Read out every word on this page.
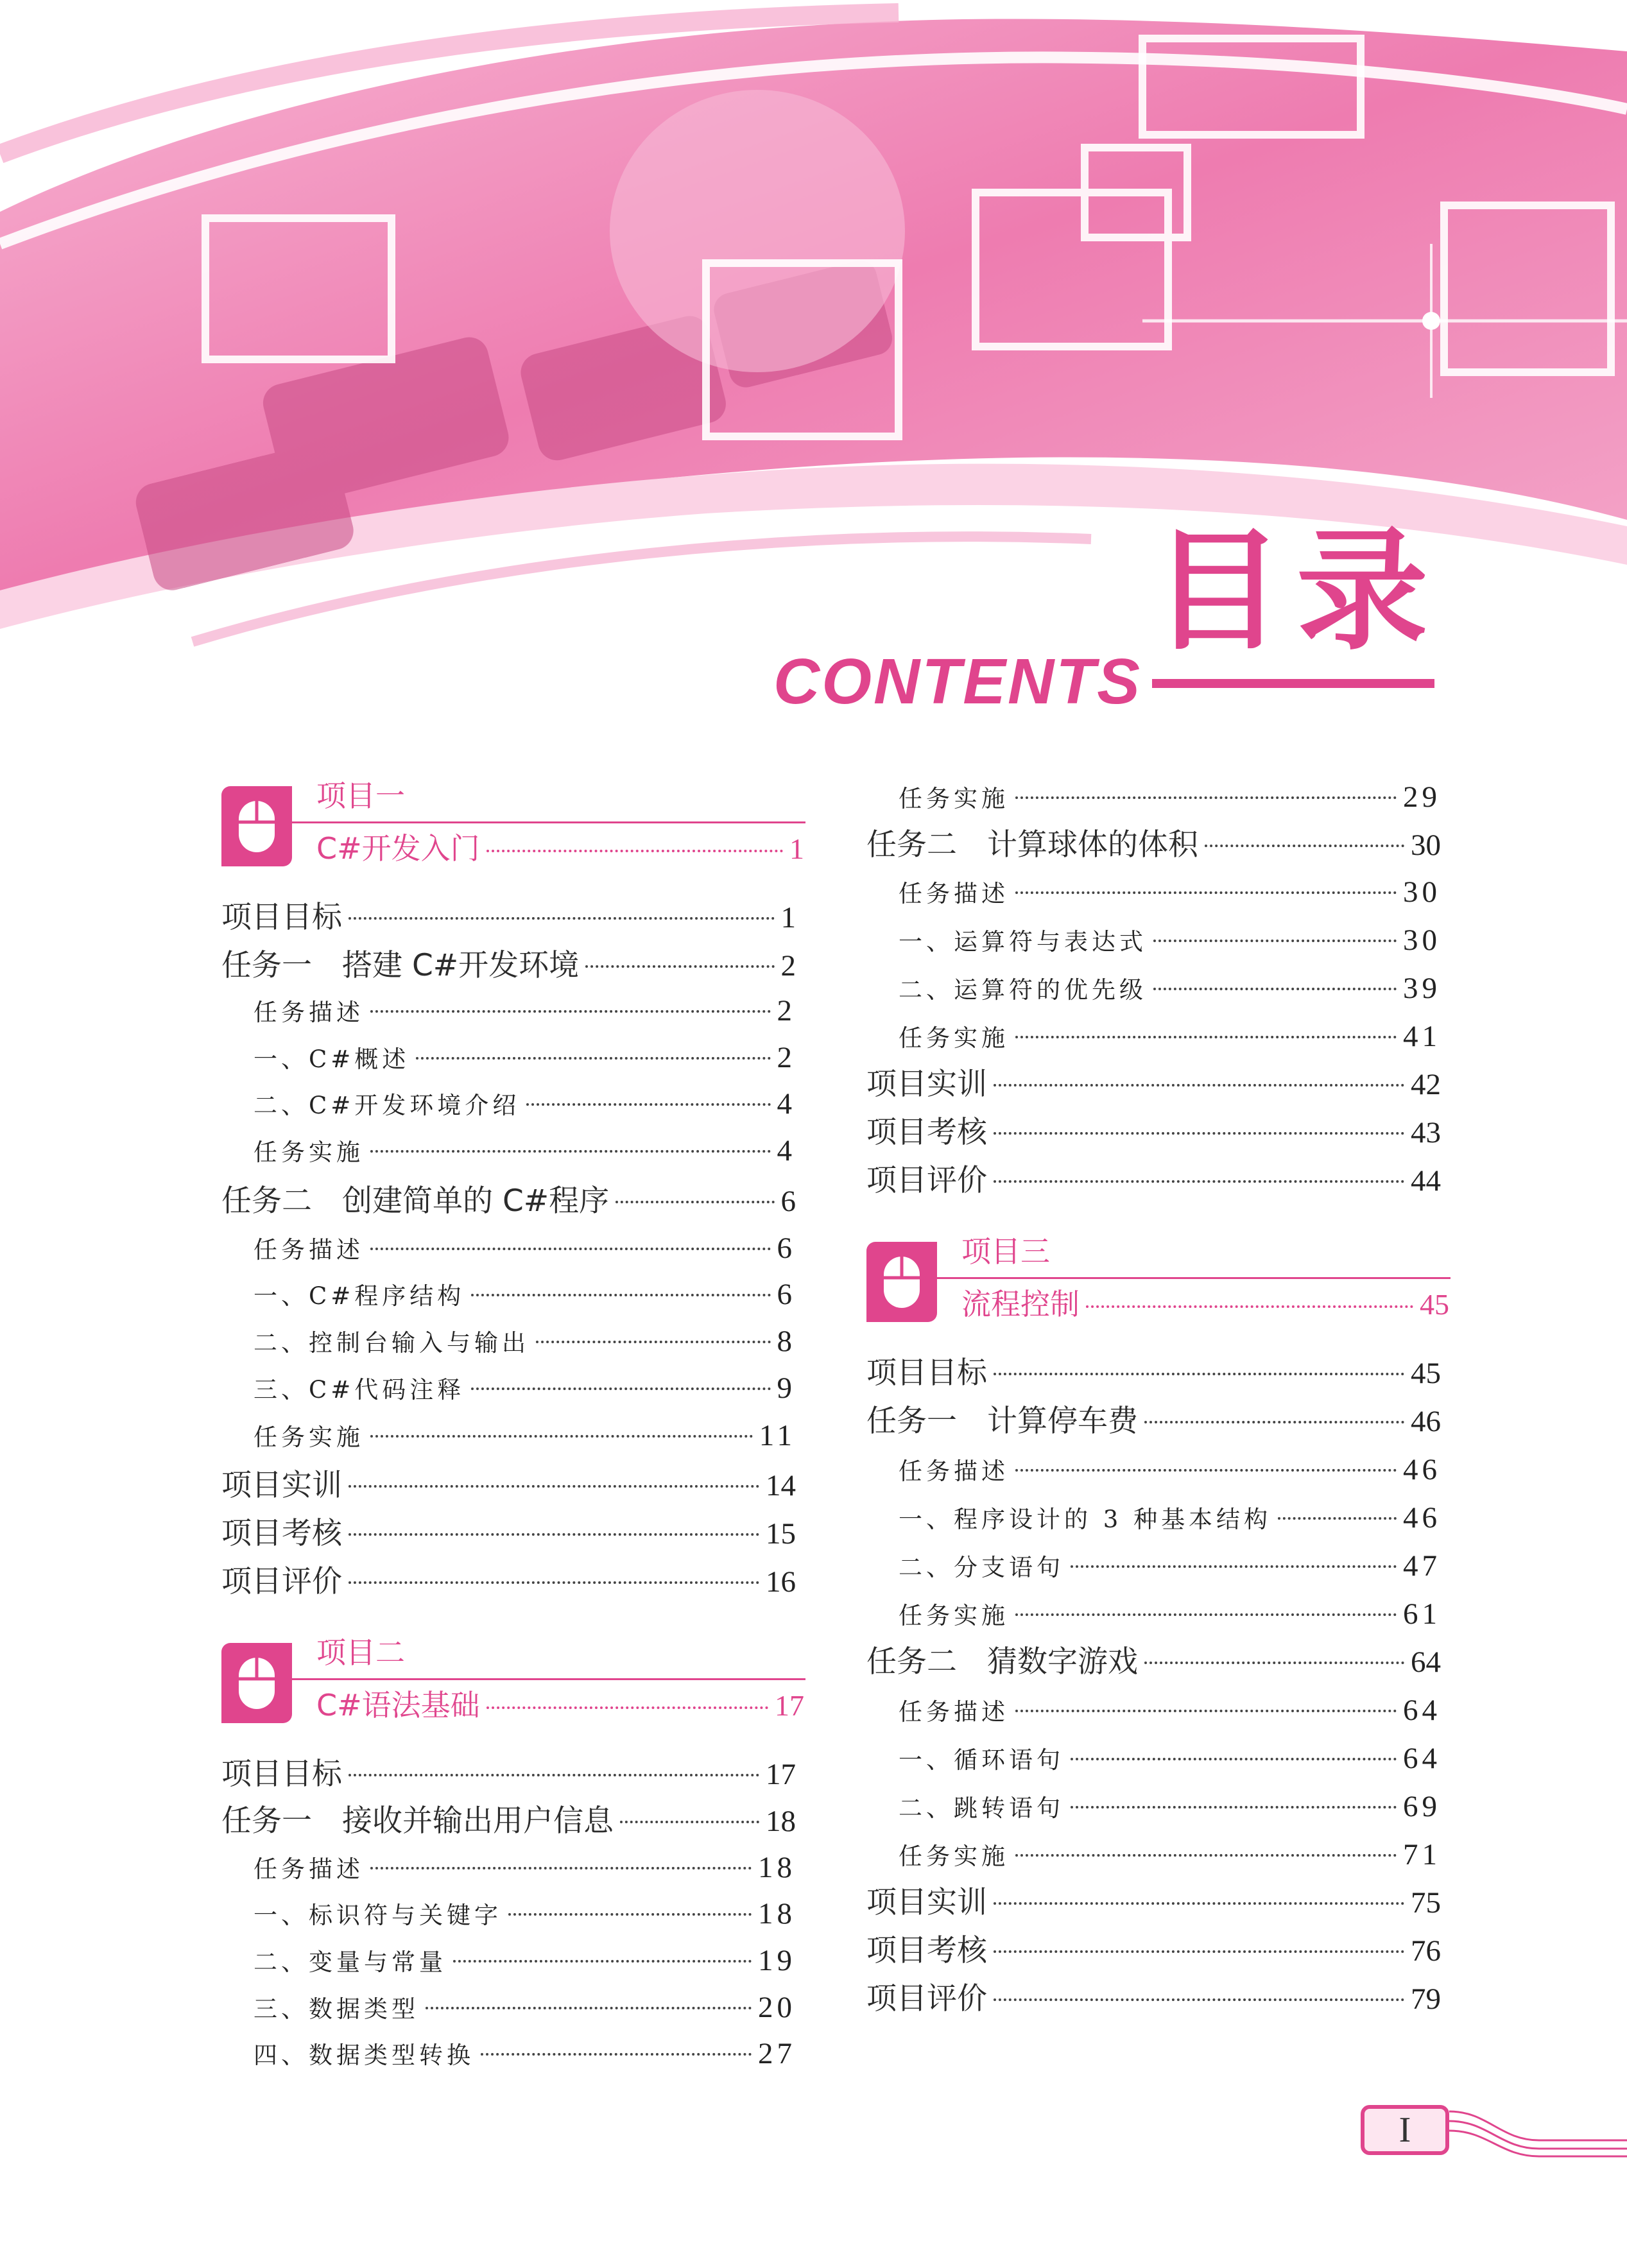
目录
CONTENTS
项目一
C#开发入门	1
项目二
C#语法基础	17
项目目标	1
任务一　搭建 C#开发环境	2
任务描述	2
一、C#概述	2
二、C#开发环境介绍	4
任务实施	4
任务二　创建简单的 C#程序	6
任务描述	6
一、C#程序结构	6
二、控制台输入与输出	8
三、C#代码注释	9
任务实施	11
项目实训	14
项目考核	15
项目评价	16
项目目标	17
任务一　接收并输出用户信息	18
任务描述	18
一、标识符与关键字	18
二、变量与常量	19
三、数据类型	20
四、数据类型转换	27
项目三
流程控制	45
任务实施	29
任务二　计算球体的体积	30
任务描述	30
一、运算符与表达式	30
二、运算符的优先级	39
任务实施	41
项目实训	42
项目考核	43
项目评价	44
项目目标	45
任务一　计算停车费	46
任务描述	46
一、程序设计的 3 种基本结构	46
二、分支语句	47
任务实施	61
任务二　猜数字游戏	64
任务描述	64
一、循环语句	64
二、跳转语句	69
任务实施	71
项目实训	75
项目考核	76
项目评价	79
I
